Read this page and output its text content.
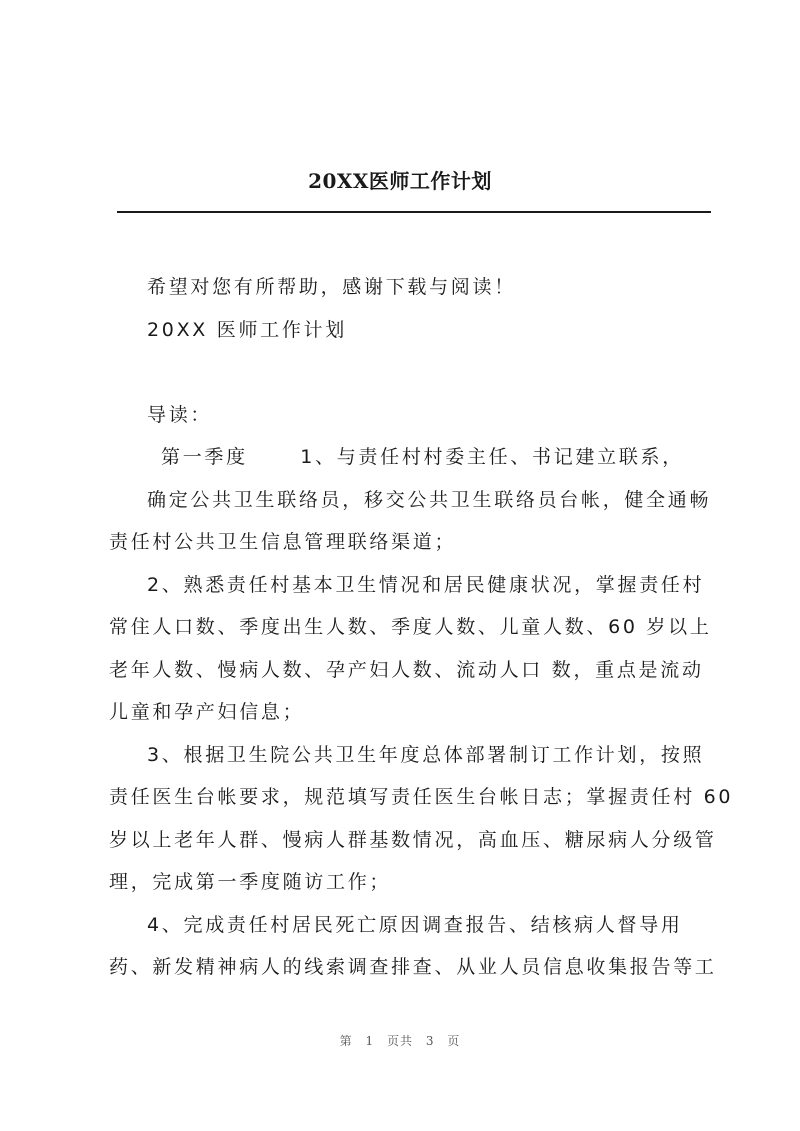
20XX医师工作计划
希望对您有所帮助，感谢下载与阅读！
20XX 医师工作计划
导读：
第一季度      1、与责任村村委主任、书记建立联系，
确定公共卫生联络员，移交公共卫生联络员台帐，健全通畅
责任村公共卫生信息管理联络渠道；
2、熟悉责任村基本卫生情况和居民健康状况，掌握责任村
常住人口数、季度出生人数、季度人数、儿童人数、60 岁以上
老年人数、慢病人数、孕产妇人数、流动人口 数，重点是流动
儿童和孕产妇信息；
3、根据卫生院公共卫生年度总体部署制订工作计划，按照
责任医生台帐要求，规范填写责任医生台帐日志；掌握责任村 60
岁以上老年人群、慢病人群基数情况，高血压、糖尿病人分级管
理，完成第一季度随访工作；
4、完成责任村居民死亡原因调查报告、结核病人督导用
药、新发精神病人的线索调查排查、从业人员信息收集报告等工
第 1 页共 3 页
